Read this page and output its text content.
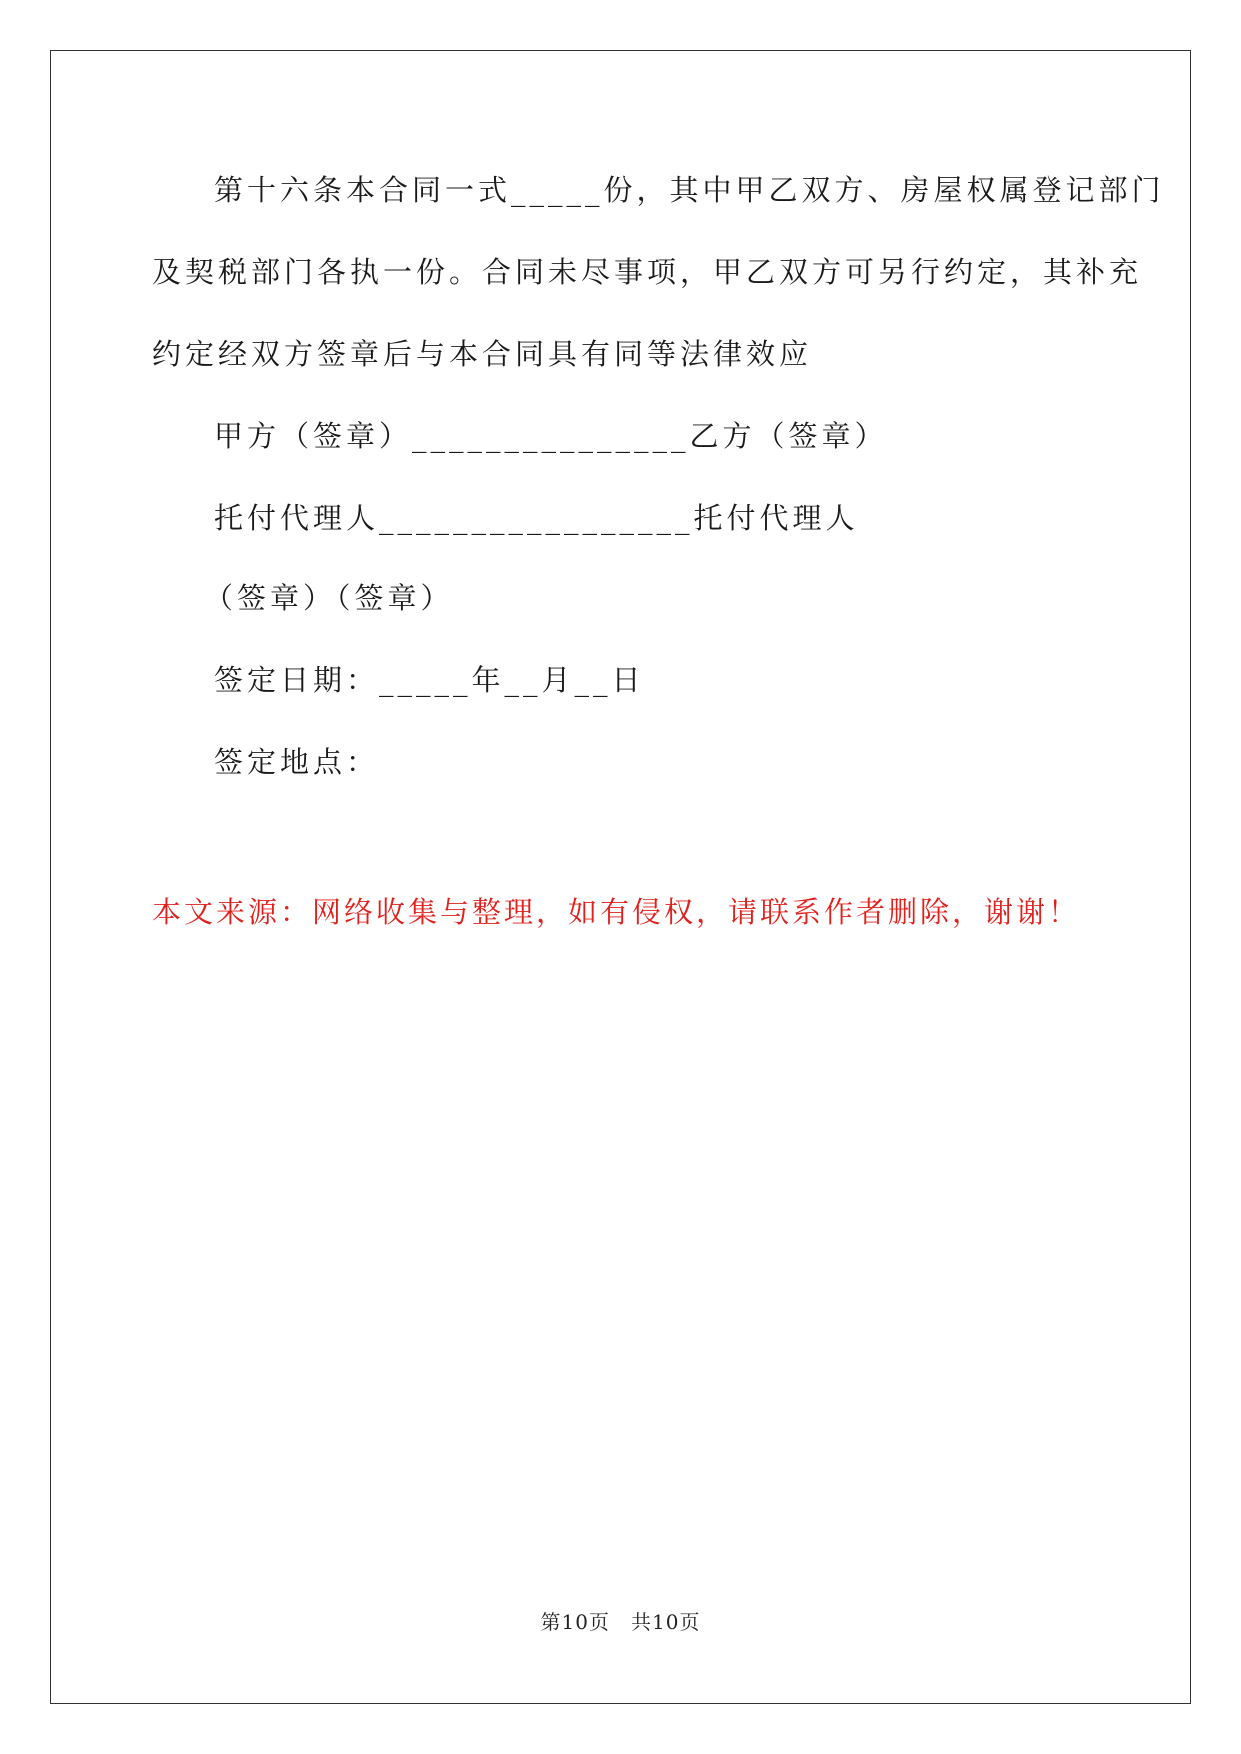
第十六条本合同一式_____份，其中甲乙双方、房屋权属登记部门
及契税部门各执一份。合同未尽事项，甲乙双方可另行约定，其补充
约定经双方签章后与本合同具有同等法律效应
甲方（签章）_______________乙方（签章）
托付代理人_________________托付代理人
（签章）（签章）
签定日期：_____年__月__日
签定地点：
本文来源：网络收集与整理，如有侵权，请联系作者删除，谢谢！
第10页　共10页
